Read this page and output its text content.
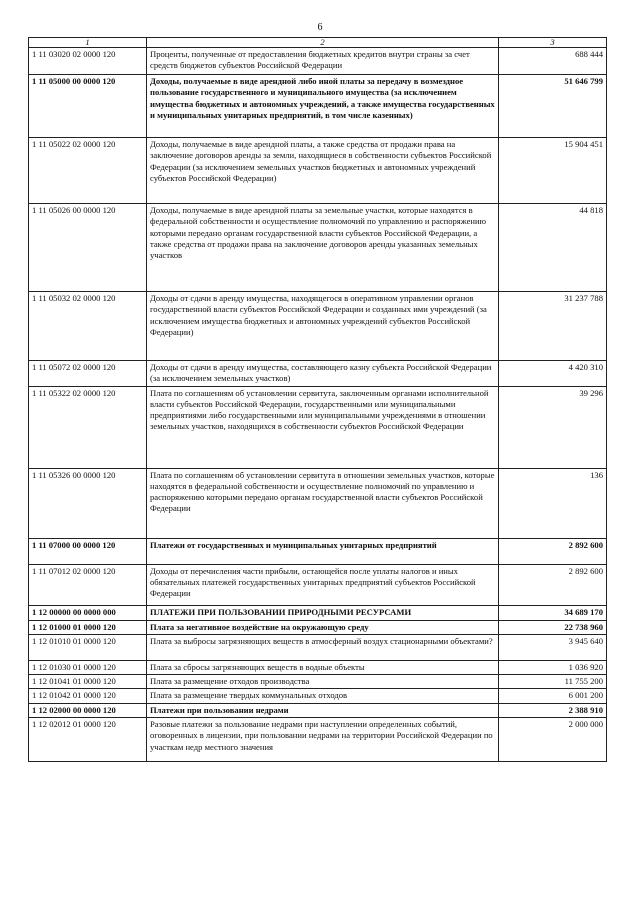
6
1	2	3
1 11 03020 02 0000 120	Проценты, полученные от предоставления бюджетных кредитов внутри страны за счет средств бюджетов субъектов Российской Федерации	688 444
1 11 05000 00 0000 120	Доходы, получаемые в виде арендной либо иной платы за передачу в возмездное пользование государственного и муниципального имущества (за исключением имущества бюджетных и автономных учреждений, а также имущества государственных и муниципальных унитарных предприятий, в том числе казенных)	51 646 799
1 11 05022 02 0000 120	Доходы, получаемые в виде арендной платы, а также средства от продажи права на заключение договоров аренды за земли, находящиеся в собственности субъектов Российской Федерации (за исключением земельных участков бюджетных и автономных учреждений субъектов Российской Федерации)	15 904 451
1 11 05026 00 0000 120	Доходы, получаемые в виде арендной платы за земельные участки, которые находятся в федеральной собственности и осуществление полномочий по управлению и распоряжению которыми передано органам государственной власти субъектов Российской Федерации, а также средства от продажи права на заключение договоров аренды указанных земельных участков	44 818
1 11 05032 02 0000 120	Доходы от сдачи в аренду имущества, находящегося в оперативном управлении органов государственной власти субъектов Российской Федерации и созданных ими учреждений (за исключением имущества бюджетных и автономных учреждений субъектов Российской Федерации)	31 237 788
1 11 05072 02 0000 120	Доходы от сдачи в аренду имущества, составляющего казну субъекта Российской Федерации (за исключением земельных участков)	4 420 310
1 11 05322 02 0000 120	Плата по соглашениям об установлении сервитута, заключенным органами исполнительной власти субъектов Российской Федерации, государственными или муниципальными предприятиями либо государственными или муниципальными учреждениями в отношении земельных участков, находящихся в собственности субъектов Российской Федерации	39 296
1 11 05326 00 0000 120	Плата по соглашениям об установлении сервитута в отношении земельных участков, которые находятся в федеральной собственности и осуществление полномочий по управлению и распоряжению которыми передано органам государственной власти субъектов Российской Федерации	136
1 11 07000 00 0000 120	Платежи от государственных и муниципальных унитарных предприятий	2 892 600
1 11 07012 02 0000 120	Доходы от перечисления части прибыли, остающейся после уплаты налогов и иных обязательных платежей государственных унитарных предприятий субъектов Российской Федерации	2 892 600
1 12 00000 00 0000 000	ПЛАТЕЖИ ПРИ ПОЛЬЗОВАНИИ ПРИРОДНЫМИ РЕСУРСАМИ	34 689 170
1 12 01000 01 0000 120	Плата за негативное воздействие на окружающую среду	22 738 960
1 12 01010 01 0000 120	Плата за выбросы загрязняющих веществ в атмосферный воздух стационарными объектами?	3 945 640
1 12 01030 01 0000 120	Плата за сбросы загрязняющих веществ в водные объекты	1 036 920
1 12 01041 01 0000 120	Плата за размещение отходов производства	11 755 200
1 12 01042 01 0000 120	Плата за размещение твердых коммунальных отходов	6 001 200
1 12 02000 00 0000 120	Платежи при пользовании недрами	2 388 910
1 12 02012 01 0000 120	Разовые платежи за пользование недрами при наступлении определенных событий, оговоренных в лицензии, при пользовании недрами на территории Российской Федерации по участкам недр местного значения	2 000 000
